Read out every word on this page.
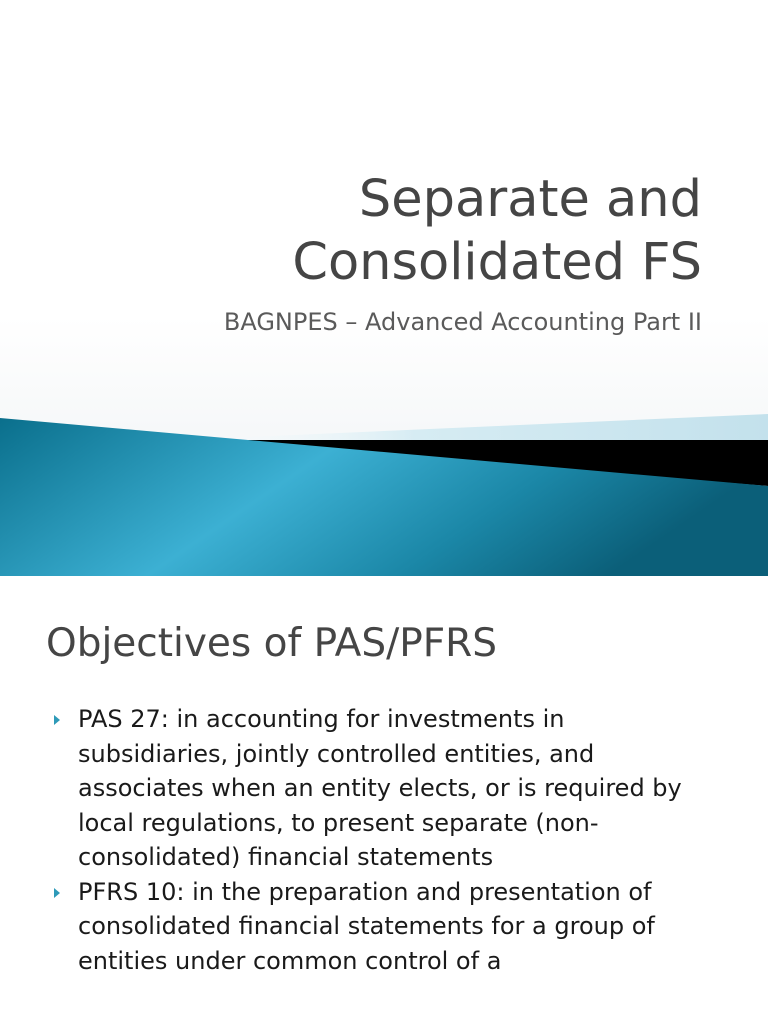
Separate and
Consolidated FS

BAGNPES – Advanced Accounting Part II

Objectives of PAS/PFRS
PAS 27: in accounting for investments in subsidiaries, jointly controlled entities, and associates when an entity elects, or is required by local regulations, to present separate (non-consolidated) financial statements
PFRS 10: in the preparation and presentation of consolidated financial statements for a group of entities under common control of a
